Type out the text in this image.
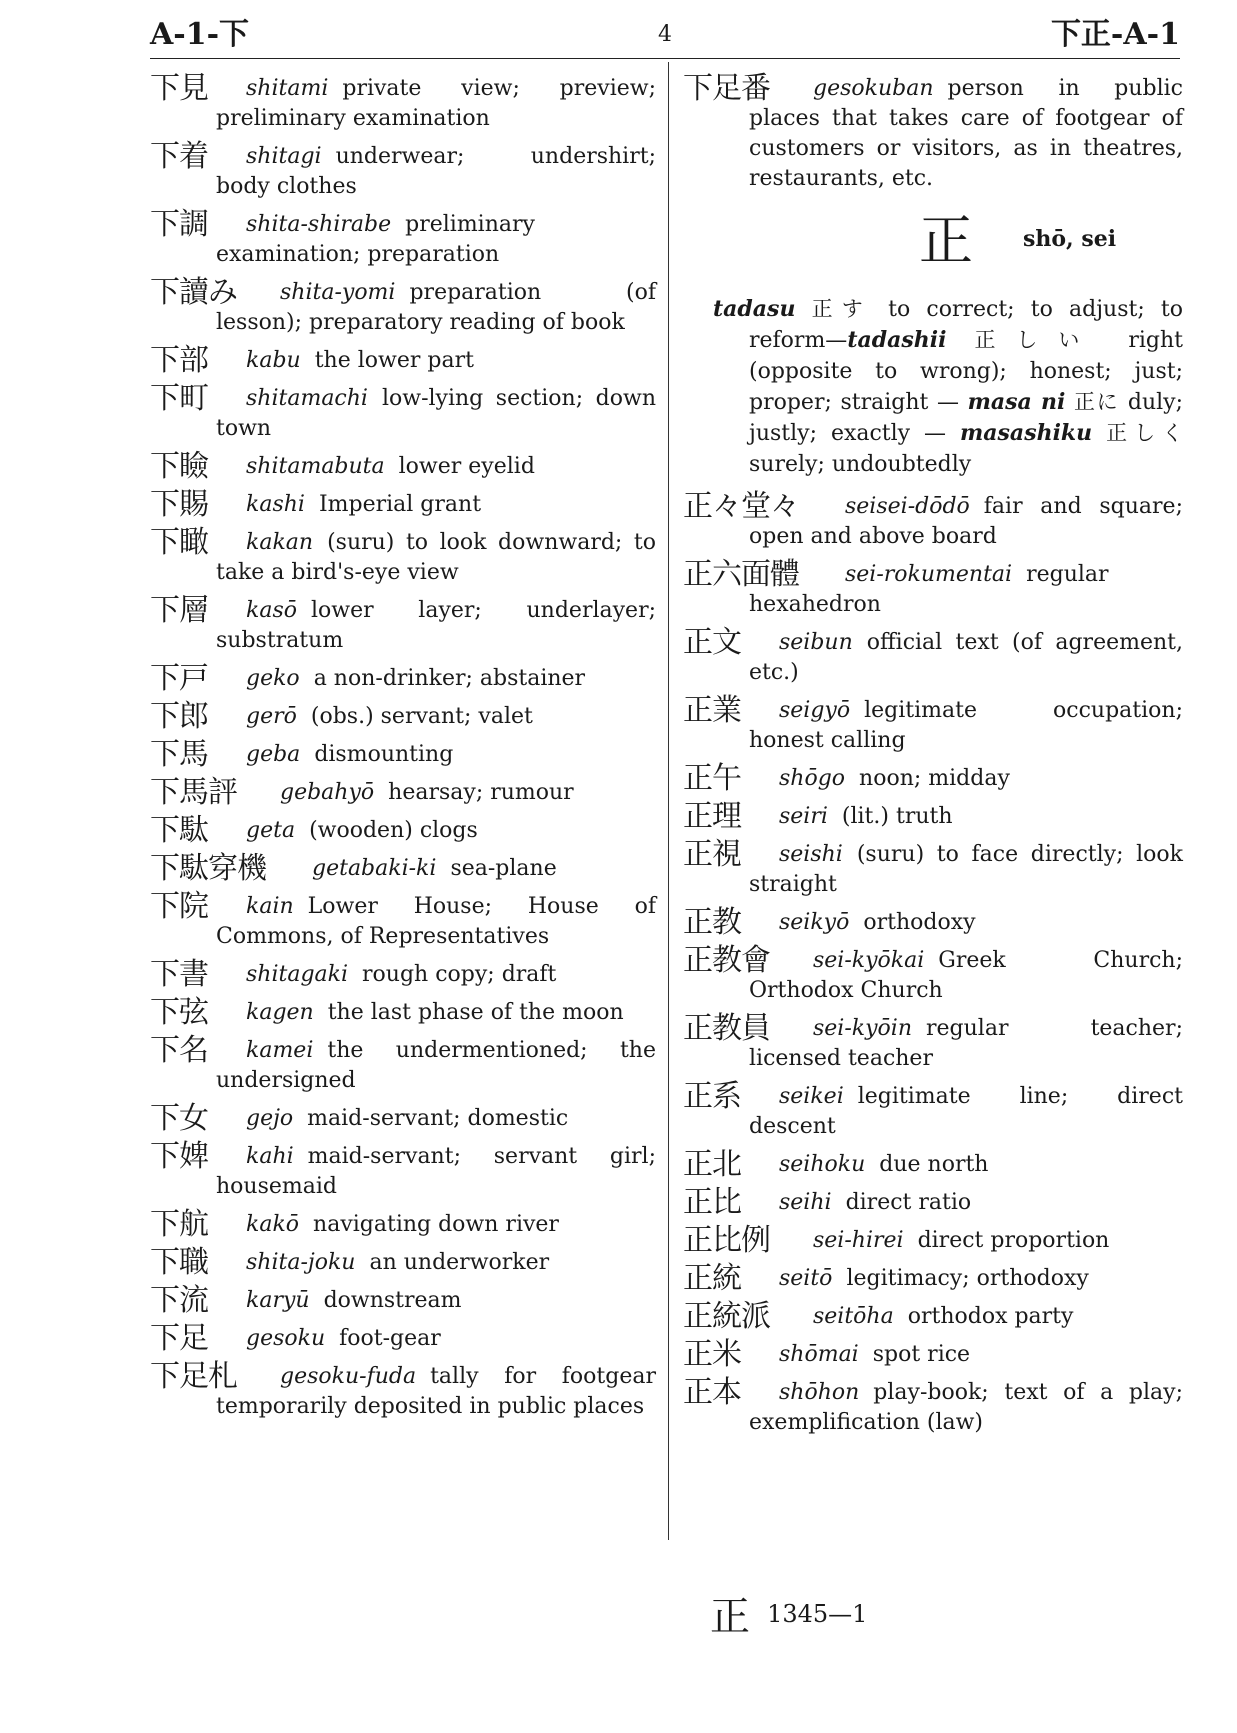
A-1-下	4	下正-A-1
下見	shitami private view; preview; preliminary examination
下着	shitagi underwear; undershirt; body clothes
下調	shita-shirabe preliminary examination; preparation
下讀み	shita-yomi preparation (of lesson); preparatory reading of book
下部	kabu the lower part
下町	shitamachi low-lying section; down town
下瞼	shitamabuta lower eyelid
下賜	kashi Imperial grant
下瞰	kakan (suru) to look downward; to take a bird's-eye view
下層	kasō lower layer; underlayer; substratum
下戸	geko a non-drinker; abstainer
下郎	gerō (obs.) servant; valet
下馬	geba dismounting
下馬評	gebahyō hearsay; rumour
下駄	geta (wooden) clogs
下駄穿機	getabaki-ki sea-plane
下院	kain Lower House; House of Commons, of Representatives
下書	shitagaki rough copy; draft
下弦	kagen the last phase of the moon
下名	kamei the undermentioned; the undersigned
下女	gejo maid-servant; domestic
下婢	kahi maid-servant; servant girl; housemaid
下航	kakō navigating down river
下職	shita-joku an underworker
下流	karyū downstream
下足	gesoku foot-gear
下足札	gesoku-fuda tally for footgear temporarily deposited in public places
下足番	gesokuban person in public places that takes care of footgear of customers or visitors, as in theatres, restaurants, etc.
正 shō, sei
tadasu 正す to correct; to adjust; to reform—tadashii 正しい right (opposite to wrong); honest; just; proper; straight — masa ni 正に duly; justly; exactly — masashiku 正しく surely; undoubtedly
正々堂々	seisei-dōdō fair and square; open and above board
正六面體	sei-rokumentai regular hexahedron
正文	seibun official text (of agreement, etc.)
正業	seigyō legitimate occupation; honest calling
正午	shōgo noon; midday
正理	seiri (lit.) truth
正視	seishi (suru) to face directly; look straight
正教	seikyō orthodoxy
正教會	sei-kyōkai Greek Church; Orthodox Church
正教員	sei-kyōin regular teacher; licensed teacher
正系	seikei legitimate line; direct descent
正北	seihoku due north
正比	seihi direct ratio
正比例	sei-hirei direct proportion
正統	seitō legitimacy; orthodoxy
正統派	seitōha orthodox party
正米	shōmai spot rice
正本	shōhon play-book; text of a play; exemplification (law)
正 1345—1
